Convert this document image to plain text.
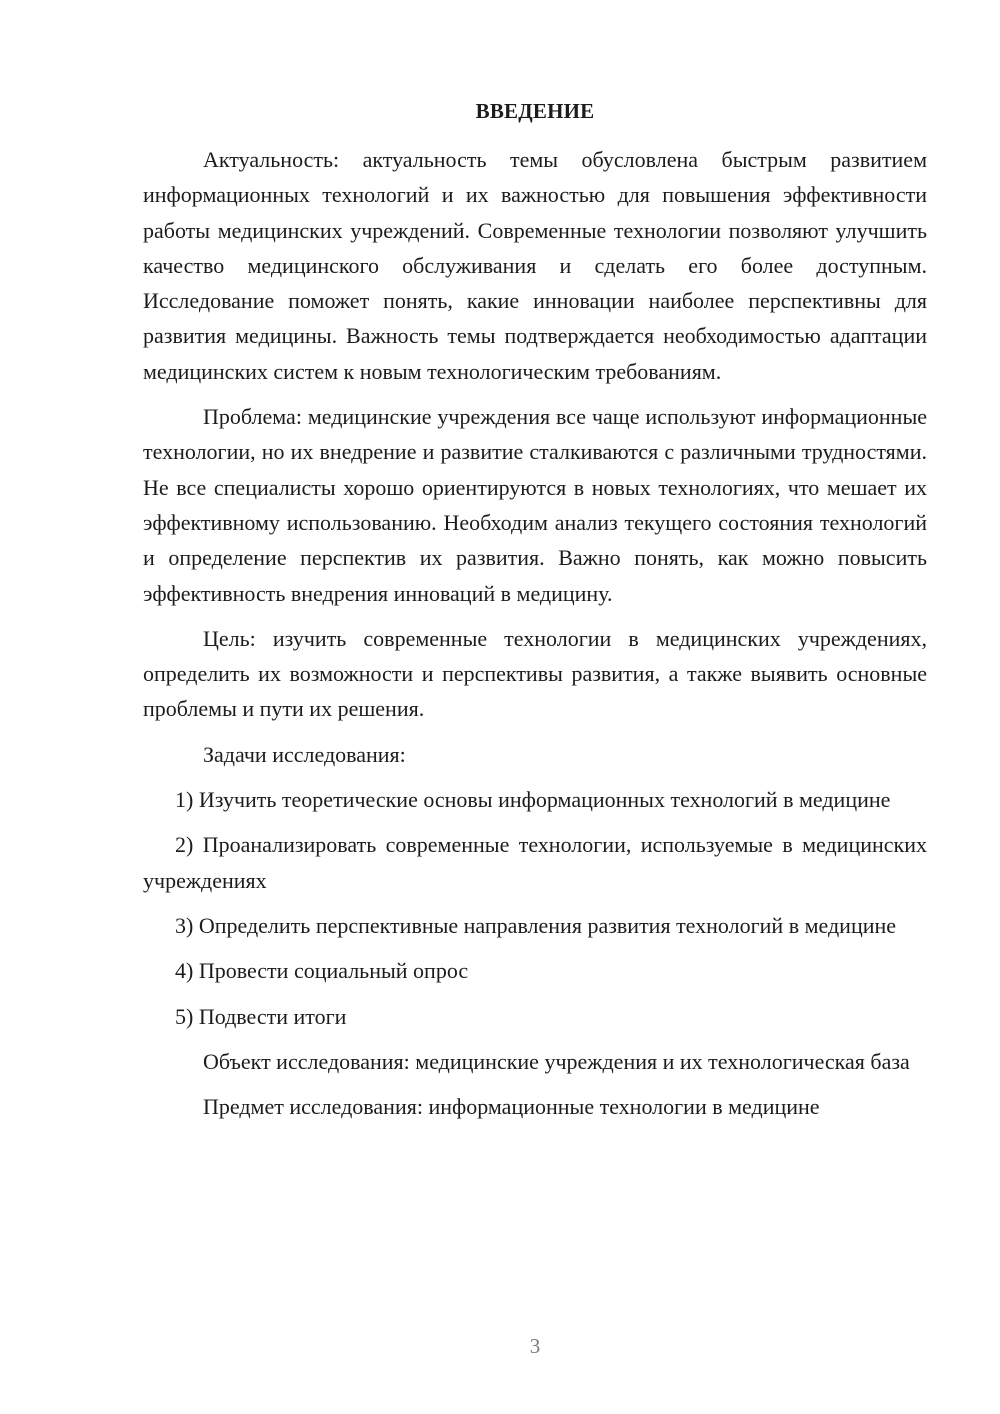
ВВЕДЕНИЕ

Актуальность: актуальность темы обусловлена быстрым развитием информационных технологий и их важностью для повышения эффективности работы медицинских учреждений. Современные технологии позволяют улучшить качество медицинского обслуживания и сделать его более доступным. Исследование поможет понять, какие инновации наиболее перспективны для развития медицины. Важность темы подтверждается необходимостью адаптации медицинских систем к новым технологическим требованиям.

Проблема: медицинские учреждения все чаще используют информационные технологии, но их внедрение и развитие сталкиваются с различными трудностями. Не все специалисты хорошо ориентируются в новых технологиях, что мешает их эффективному использованию. Необходим анализ текущего состояния технологий и определение перспектив их развития. Важно понять, как можно повысить эффективность внедрения инноваций в медицину.

Цель: изучить современные технологии в медицинских учреждениях, определить их возможности и перспективы развития, а также выявить основные проблемы и пути их решения.

Задачи исследования:

1) Изучить теоретические основы информационных технологий в медицине

2) Проанализировать современные технологии, используемые в медицинских учреждениях

3) Определить перспективные направления развития технологий в медицине

4) Провести социальный опрос

5) Подвести итоги

Объект исследования: медицинские учреждения и их технологическая база

Предмет исследования: информационные технологии в медицине

3
